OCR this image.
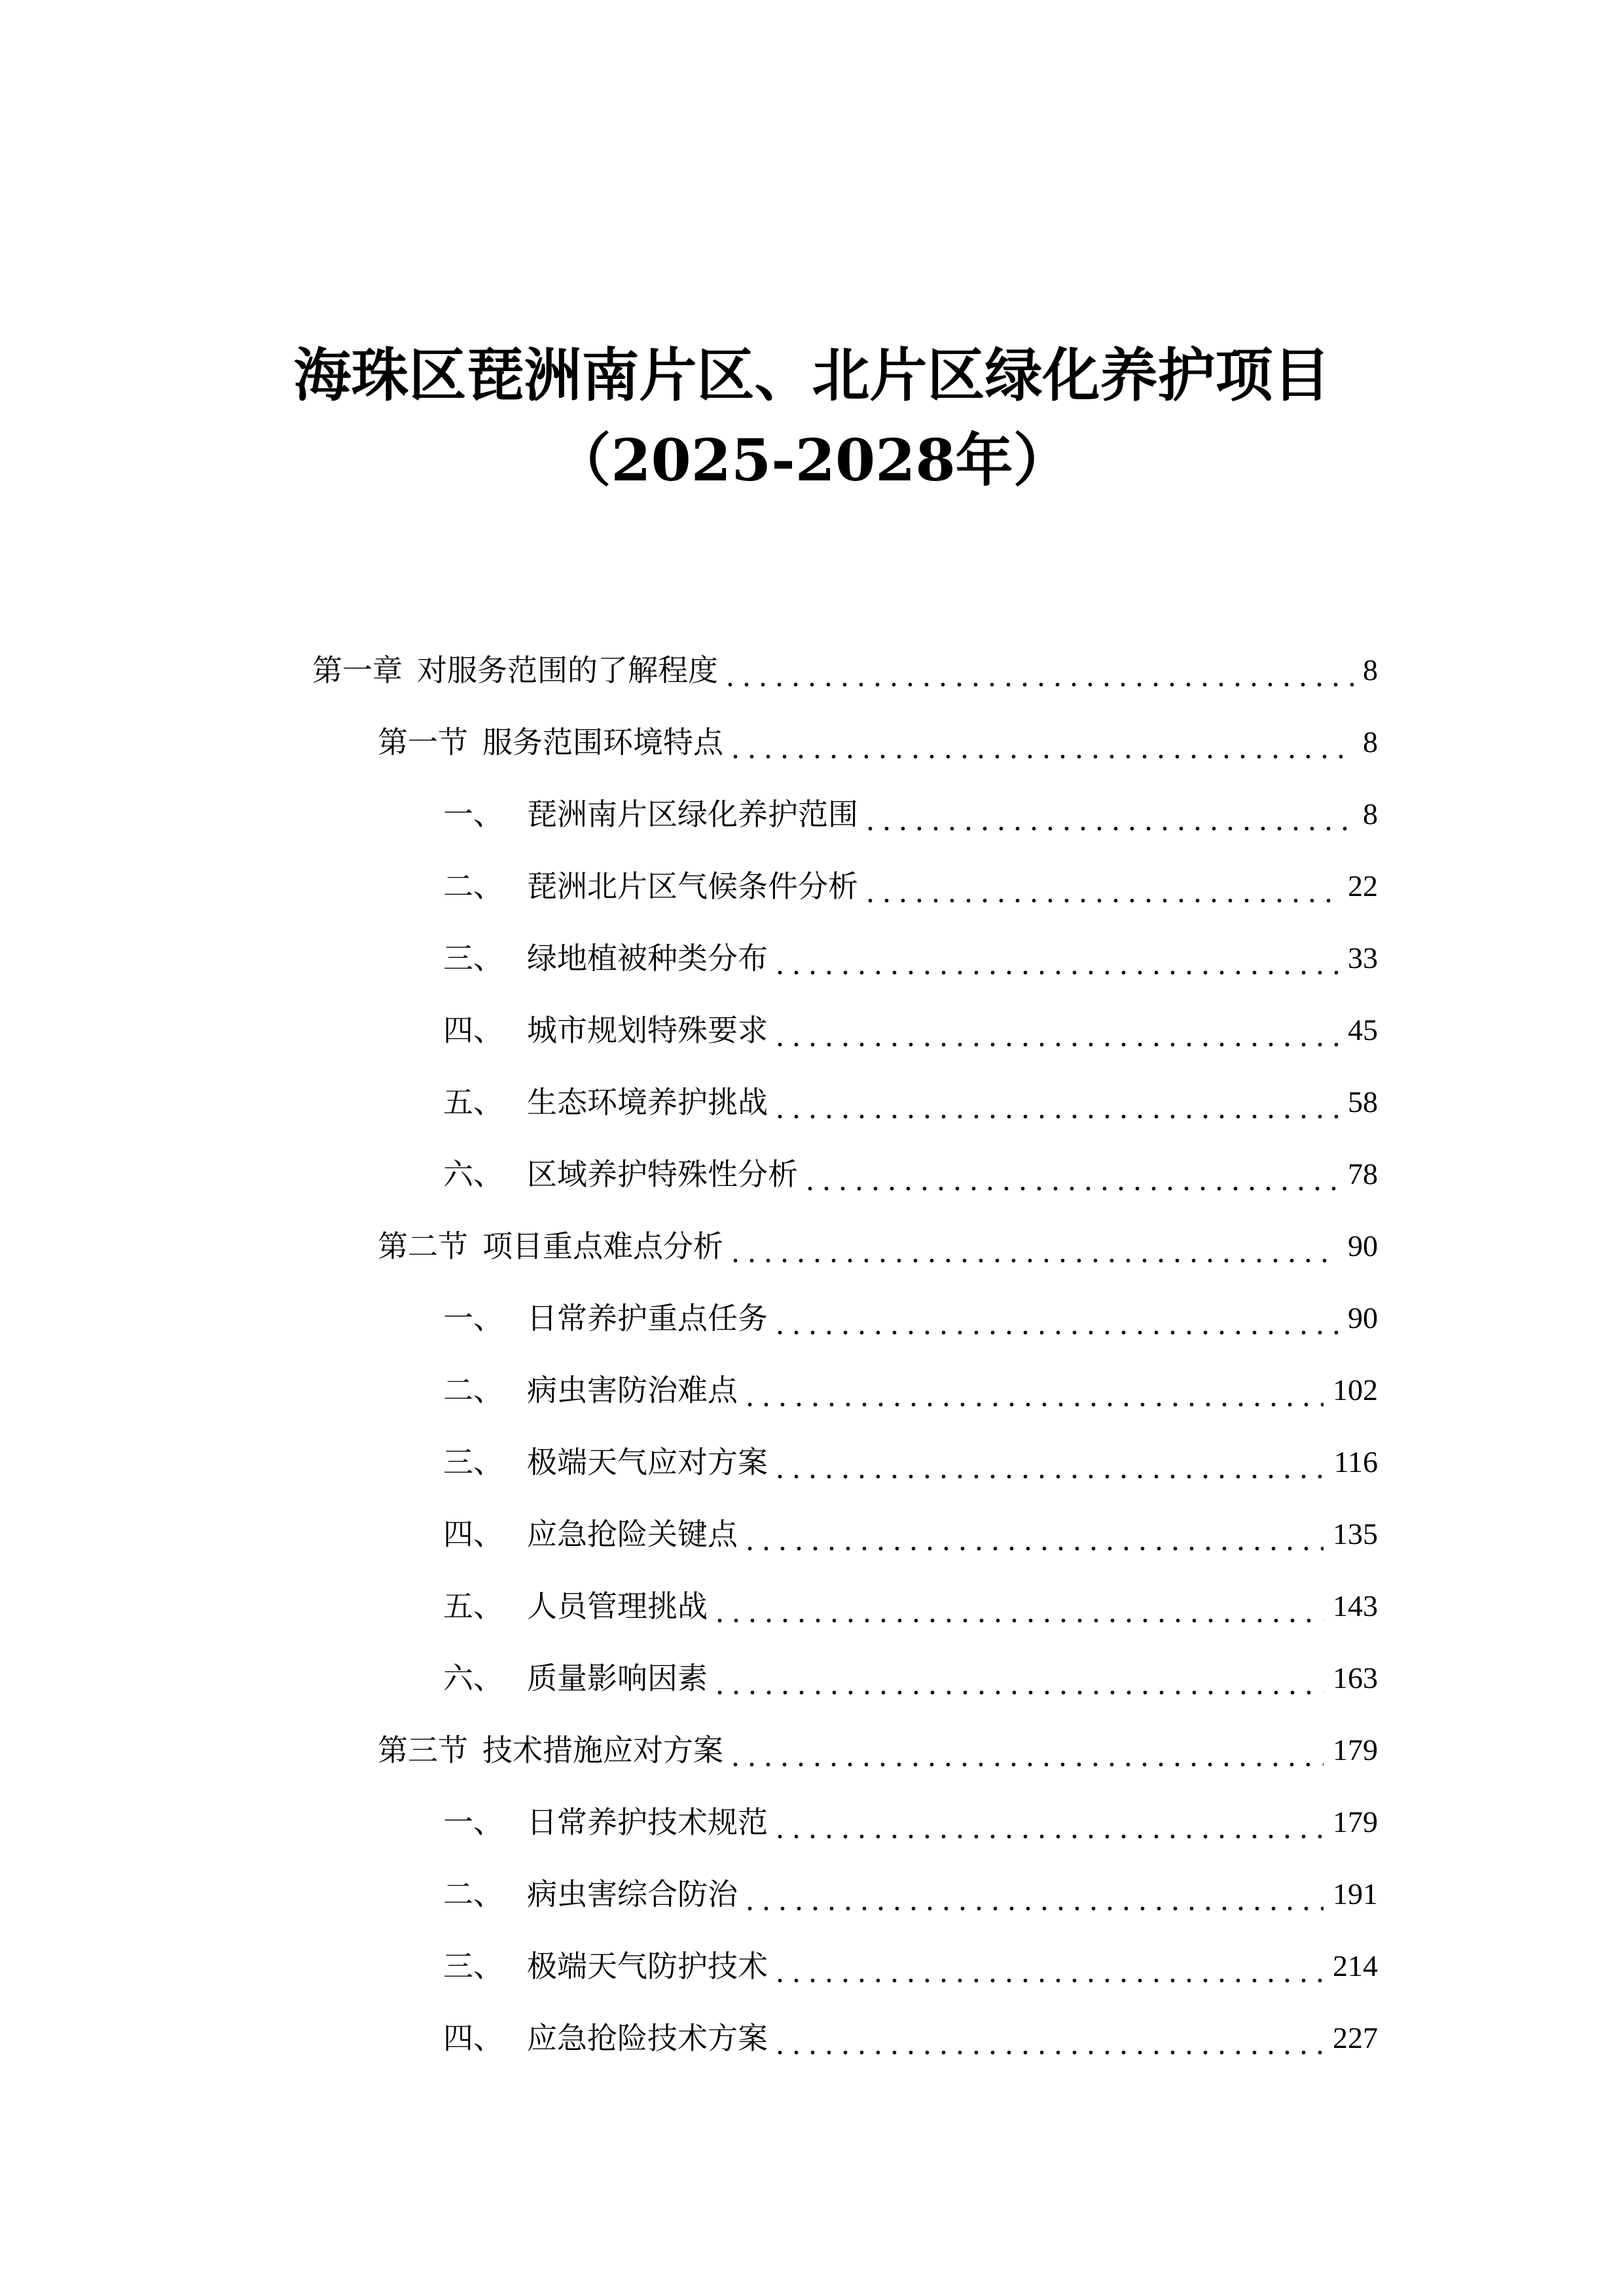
海珠区琵洲南片区、北片区绿化养护项目
（2025-2028年）
第一章 对服务范围的了解程度	8
第一节 服务范围环境特点	8
一、 琵洲南片区绿化养护范围	8
二、 琵洲北片区气候条件分析	22
三、 绿地植被种类分布	33
四、 城市规划特殊要求	45
五、 生态环境养护挑战	58
六、 区域养护特殊性分析	78
第二节 项目重点难点分析	90
一、 日常养护重点任务	90
二、 病虫害防治难点	102
三、 极端天气应对方案	116
四、 应急抢险关键点	135
五、 人员管理挑战	143
六、 质量影响因素	163
第三节 技术措施应对方案	179
一、 日常养护技术规范	179
二、 病虫害综合防治	191
三、 极端天气防护技术	214
四、 应急抢险技术方案	227
